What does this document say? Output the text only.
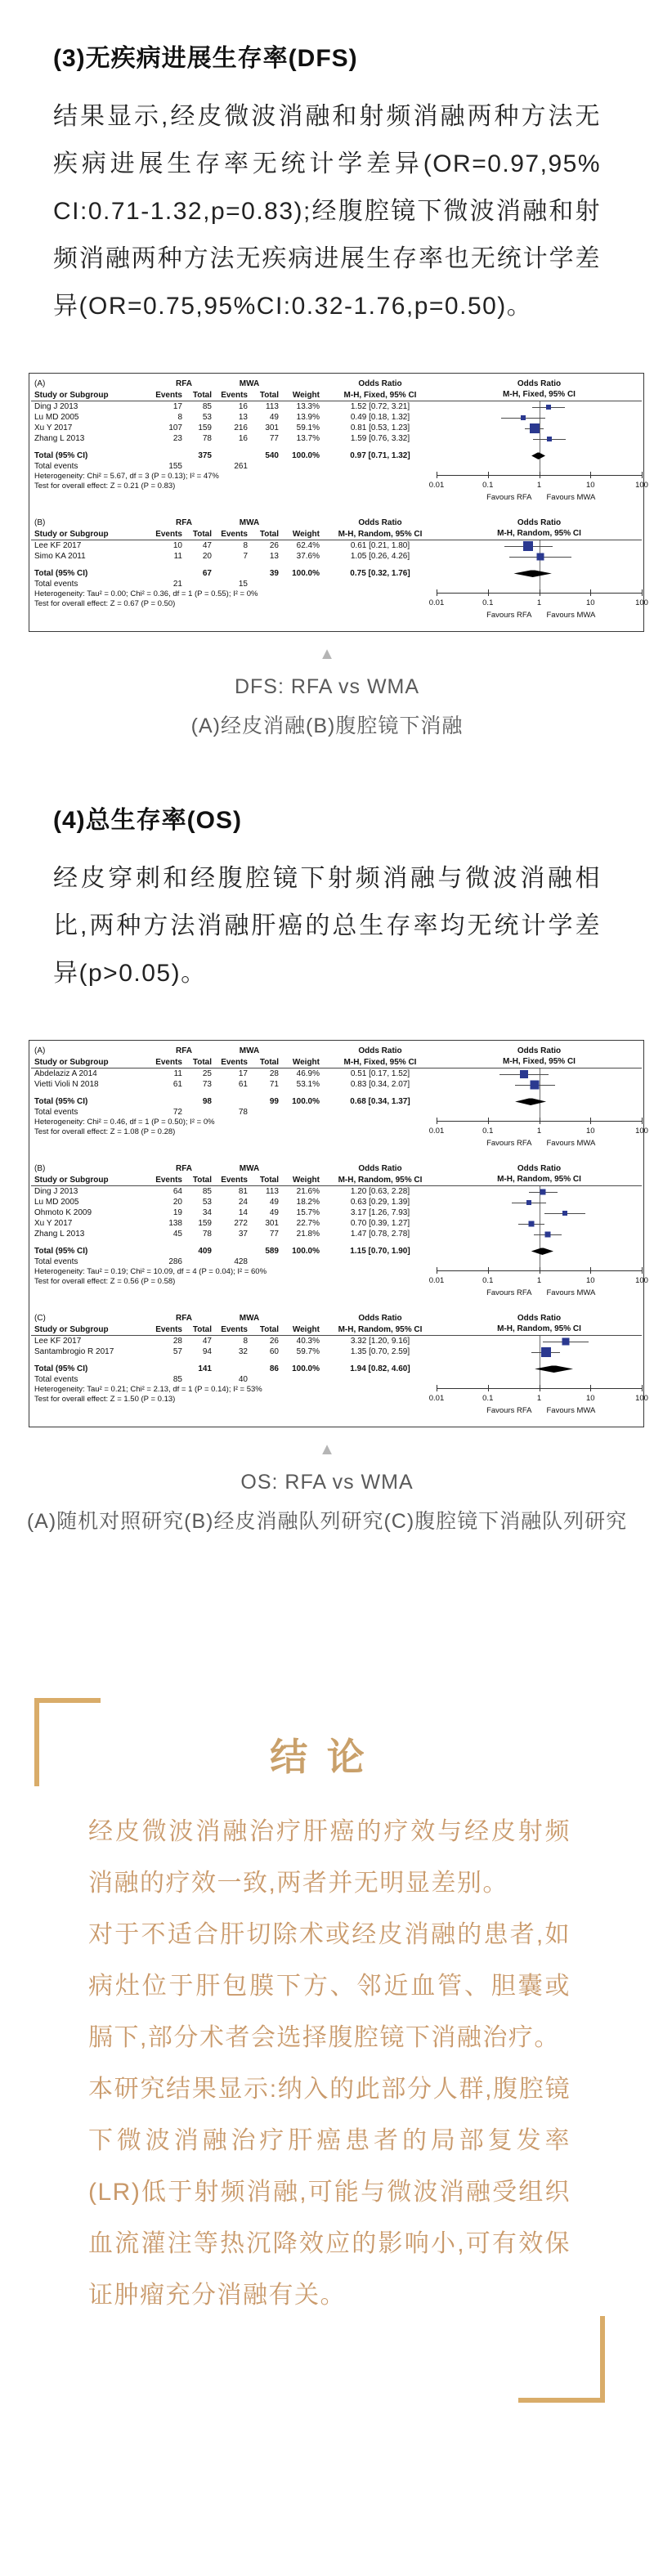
(3)无疾病进展生存率(DFS)

结果显示,经皮微波消融和射频消融两种方法无疾病进展生存率无统计学差异(OR=0.97,95% CI:0.71-1.32,p=0.83);经腹腔镜下微波消融和射频消融两种方法无疾病进展生存率也无统计学差异(OR=0.75,95%CI:0.32-1.76,p=0.50)。

(A)	RFA	MWA	Odds Ratio	Odds Ratio
Study or Subgroup	Events	Total	Events	Total	Weight	M-H, Fixed, 95% CI	M-H, Fixed, 95% CI
Ding J 2013	17	85	16	113	13.3%	1.52 [0.72, 3.21]
Lu MD 2005	8	53	13	49	13.9%	0.49 [0.18, 1.32]
Xu Y 2017	107	159	216	301	59.1%	0.81 [0.53, 1.23]
Zhang L 2013	23	78	16	77	13.7%	1.59 [0.76, 3.32]
Total (95% CI)	375	540	100.0%	0.97 [0.71, 1.32]
Total events	155	261
Heterogeneity: Chi² = 5.67, df = 3 (P = 0.13); I² = 47%
Test for overall effect: Z = 0.21 (P = 0.83)	0.01	0.1	1	10	100
Favours RFA	Favours MWA
(B)	RFA	MWA	Odds Ratio	Odds Ratio
Study or Subgroup	Events	Total	Events	Total	Weight	M-H, Random, 95% CI	M-H, Random, 95% CI
Lee KF 2017	10	47	8	26	62.4%	0.61 [0.21, 1.80]
Simo KA 2011	11	20	7	13	37.6%	1.05 [0.26, 4.26]
Total (95% CI)	67	39	100.0%	0.75 [0.32, 1.76]
Total events	21	15
Heterogeneity: Tau² = 0.00; Chi² = 0.36, df = 1 (P = 0.55); I² = 0%
Test for overall effect: Z = 0.67 (P = 0.50)	0.01	0.1	1	10	100
Favours RFA	Favours MWA
▲
DFS: RFA vs WMA
(A)经皮消融(B)腹腔镜下消融
(4)总生存率(OS)

经皮穿刺和经腹腔镜下射频消融与微波消融相比,两种方法消融肝癌的总生存率均无统计学差异(p>0.05)。

(A)	RFA	MWA	Odds Ratio	Odds Ratio
Study or Subgroup	Events	Total	Events	Total	Weight	M-H, Fixed, 95% CI	M-H, Fixed, 95% CI
Abdelaziz A 2014	11	25	17	28	46.9%	0.51 [0.17, 1.52]
Vietti Violi N 2018	61	73	61	71	53.1%	0.83 [0.34, 2.07]
Total (95% CI)	98	99	100.0%	0.68 [0.34, 1.37]
Total events	72	78
Heterogeneity: Chi² = 0.46, df = 1 (P = 0.50); I² = 0%
Test for overall effect: Z = 1.08 (P = 0.28)	0.01	0.1	1	10	100
Favours RFA	Favours MWA
(B)	RFA	MWA	Odds Ratio	Odds Ratio
Study or Subgroup	Events	Total	Events	Total	Weight	M-H, Random, 95% CI	M-H, Random, 95% CI
Ding J 2013	64	85	81	113	21.6%	1.20 [0.63, 2.28]
Lu MD 2005	20	53	24	49	18.2%	0.63 [0.29, 1.39]
Ohmoto K 2009	19	34	14	49	15.7%	3.17 [1.26, 7.93]
Xu Y 2017	138	159	272	301	22.7%	0.70 [0.39, 1.27]
Zhang L 2013	45	78	37	77	21.8%	1.47 [0.78, 2.78]
Total (95% CI)	409	589	100.0%	1.15 [0.70, 1.90]
Total events	286	428
Heterogeneity: Tau² = 0.19; Chi² = 10.09, df = 4 (P = 0.04); I² = 60%
Test for overall effect: Z = 0.56 (P = 0.58)	0.01	0.1	1	10	100
Favours RFA	Favours MWA
(C)	RFA	MWA	Odds Ratio	Odds Ratio
Study or Subgroup	Events	Total	Events	Total	Weight	M-H, Random, 95% CI	M-H, Random, 95% CI
Lee KF 2017	28	47	8	26	40.3%	3.32 [1.20, 9.16]
Santambrogio R 2017	57	94	32	60	59.7%	1.35 [0.70, 2.59]
Total (95% CI)	141	86	100.0%	1.94 [0.82, 4.60]
Total events	85	40
Heterogeneity: Tau² = 0.21; Chi² = 2.13, df = 1 (P = 0.14); I² = 53%
Test for overall effect: Z = 1.50 (P = 0.13)	0.01	0.1	1	10	100
Favours RFA	Favours MWA
▲
OS: RFA vs WMA
(A)随机对照研究(B)经皮消融队列研究(C)腹腔镜下消融队列研究
结 论

经皮微波消融治疗肝癌的疗效与经皮射频消融的疗效一致,两者并无明显差别。

对于不适合肝切除术或经皮消融的患者,如病灶位于肝包膜下方、邻近血管、胆囊或膈下,部分术者会选择腹腔镜下消融治疗。

本研究结果显示:纳入的此部分人群,腹腔镜下微波消融治疗肝癌患者的局部复发率(LR)低于射频消融,可能与微波消融受组织血流灌注等热沉降效应的影响小,可有效保证肿瘤充分消融有关。
